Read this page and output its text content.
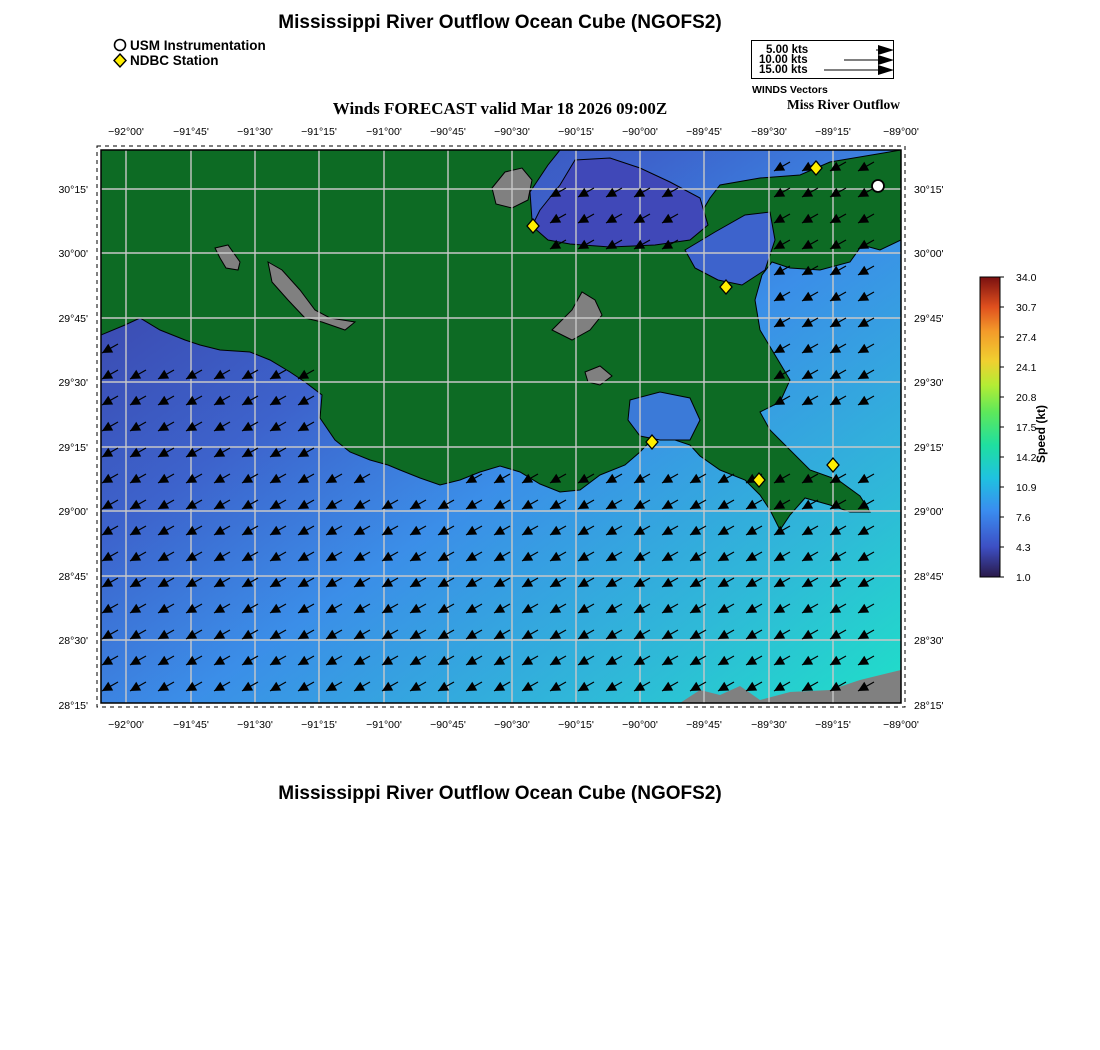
Mississippi River Outflow Ocean Cube (NGOFS2)
USM Instrumentation
NDBC Station
5.00 kts
10.00 kts
15.00 kts
WINDS Vectors
Winds FORECAST valid Mar 18 2026 09:00Z	Miss River Outflow
−92°00'	−91°45'	−91°30'	−91°15'	−91°00'	−90°45'	−90°30'	−90°15'	−90°00'	−89°45'	−89°30'	−89°15'	−89°00'
−92°00'	−91°45'	−91°30'	−91°15'	−91°00'	−90°45'	−90°30'	−90°15'	−90°00'	−89°45'	−89°30'	−89°15'	−89°00'
30°15'
30°00'
29°45'
29°30'
29°15'
29°00'
28°45'
28°30'
28°15'
30°15'
30°00'
29°45'
29°30'
29°15'
29°00'
28°45'
28°30'
28°15'
34.0
30.7
27.4
24.1
20.8
17.5
14.2
10.9
7.6
4.3
1.0
Speed (kt)
Mississippi River Outflow Ocean Cube (NGOFS2)
